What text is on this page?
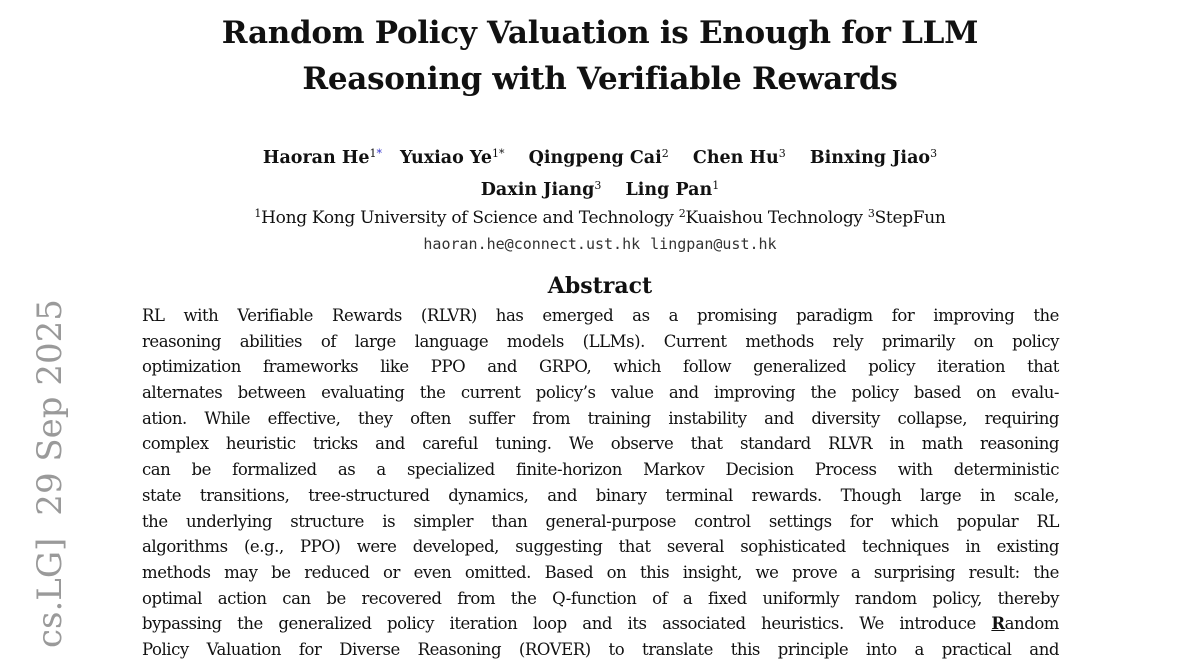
Random Policy Valuation is Enough for LLM
Reasoning with Verifiable Rewards
Haoran $He^{1*}$ Yuxiao $Ye^{1*}$ Qingpeng Cai$^2$ Chen Hu$^3$ Binxing Jiao$^3$
Daxin Jiang$^3$ Ling Pan$^1$
$^1$Hong Kong University of Science and Technology $^2$Kuaishou Technology $^3$StepFun
haoran.he@connect.ust.hk lingpan@ust.hk
Abstract
RL with Verifiable Rewards (RLVR) has emerged as a promising paradigm for improving the
reasoning abilities of large language models (LLMs). Current methods rely primarily on policy
optimization frameworks like PPO and GRPO, which follow generalized policy iteration that
alternates between evaluating the current policy’s value and improving the policy based on evalu-
ation. While effective, they often suffer from training instability and diversity collapse, requiring
complex heuristic tricks and careful tuning. We observe that standard RLVR in math reasoning
can be formalized as a specialized finite-horizon Markov Decision Process with deterministic
state transitions, tree-structured dynamics, and binary terminal rewards. Though large in scale,
the underlying structure is simpler than general-purpose control settings for which popular RL
algorithms (e.g., PPO) were developed, suggesting that several sophisticated techniques in existing
methods may be reduced or even omitted. Based on this insight, we prove a surprising result: the
optimal action can be recovered from the Q-function of a fixed uniformly random policy, thereby
bypassing the generalized policy iteration loop and its associated heuristics. We introduce Random
Policy Valuation for Diverse Reasoning (ROVER) to translate this principle into a practical and
cs.LG]29 Sep 2025
